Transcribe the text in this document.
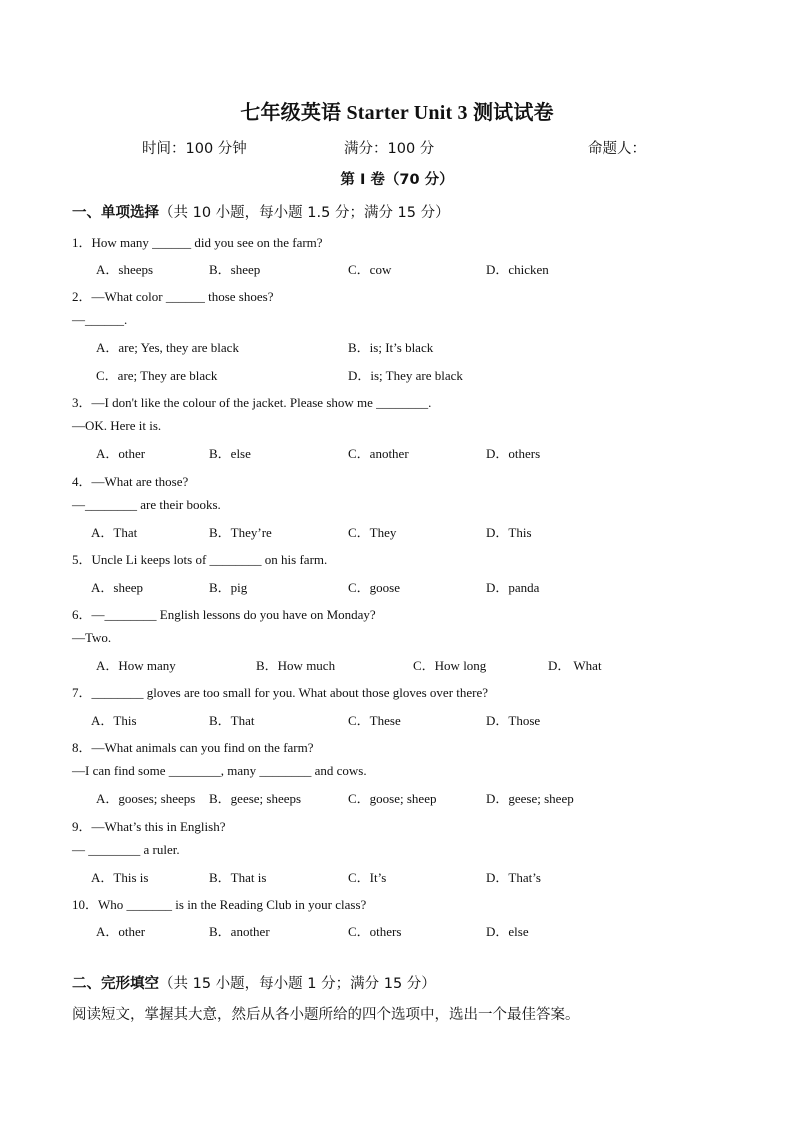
七年级英语 Starter Unit 3 测试试卷
时间：100 分钟	满分：100 分	命题人：
第 I 卷（70 分）
一、单项选择（共 10 小题，每小题 1.5 分；满分 15 分）
1．How many ______ did you see on the farm?
A．sheeps	B．sheep	C．cow	D．chicken
2．—What color ______ those shoes?
—______.
A．are; Yes, they are black	B．is; It’s black
C．are; They are black	D．is; They are black
3．—I don't like the colour of the jacket. Please show me ________.
—OK. Here it is.
A．other	B．else	C．another	D．others
4．—What are those?
—________ are their books.
A．That	B．They’re	C．They	D．This
5．Uncle Li keeps lots of ________ on his farm.
A．sheep	B．pig	C．goose	D．panda
6．—________ English lessons do you have on Monday?
—Two.
A．How many	B．How much	C．How long	D． What
7．________ gloves are too small for you. What about those gloves over there?
A．This	B．That	C．These	D．Those
8．—What animals can you find on the farm?
—I can find some ________, many ________ and cows.
A．gooses; sheeps B．geese; sheeps	C．goose; sheep	D．geese; sheep
9．—What’s this in English?
— ________ a ruler.
A．This is	B．That is	C．It’s	D．That’s
10．Who _______ is in the Reading Club in your class?
A．other	B．another	C．others	D．else
二、完形填空（共 15 小题，每小题 1 分；满分 15 分）
阅读短文，掌握其大意，然后从各小题所给的四个选项中，选出一个最佳答案。
